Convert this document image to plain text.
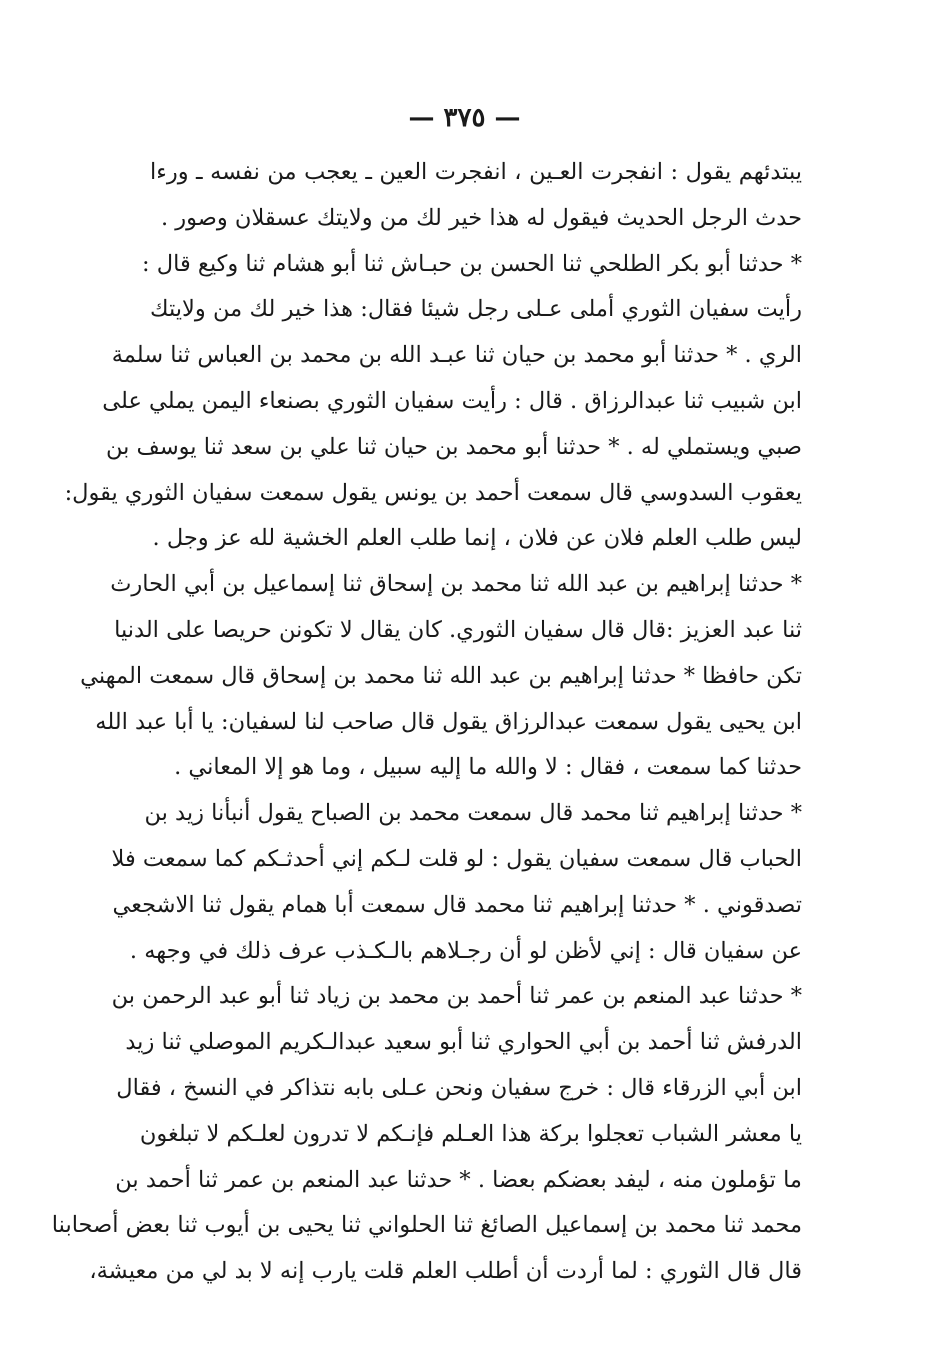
— ٣٧٥ —
يبتدئهم يقول : انفجرت العـين ، انفجرت العين ـ يعجب من نفسه ـ ورءا
حدث الرجل الحديث فيقول له هذا خير لك من ولايتك عسقلان وصور .
* حدثنا أبو بكر الطلحي ثنا الحسن بن حبـاش ثنا أبو هشام ثنا وكيع قال :
رأيت سفيان الثوري أملى عـلى رجل شيئا فقال: هذا خير لك من ولايتك
الري . * حدثنا أبو محمد بن حيان ثنا عبـد الله بن محمد بن العباس ثنا سلمة
ابن شبيب ثنا عبدالرزاق . قال : رأيت سفيان الثوري بصنعاء اليمن يملي على
صبي ويستملي له . * حدثنا أبو محمد بن حيان ثنا علي بن سعد ثنا يوسف بن
يعقوب السدوسي قال سمعت أحمد بن يونس يقول سمعت سفيان الثوري يقول:
ليس طلب العلم فلان عن فلان ، إنما طلب العلم الخشية لله عز وجل .
* حدثنا إبراهيم بن عبد الله ثنا محمد بن إسحاق ثنا إسماعيل بن أبي الحارث
ثنا عبد العزيز :قال قال سفيان الثوري. كان يقال لا تكونن حريصا على الدنيا
تكن حافظا * حدثنا إبراهيم بن عبد الله ثنا محمد بن إسحاق قال سمعت المهني
ابن يحيى يقول سمعت عبدالرزاق يقول قال صاحب لنا لسفيان: يا أبا عبد الله
حدثنا كما سمعت ، فقال : لا والله ما إليه سبيل ، وما هو إلا المعاني .
* حدثنا إبراهيم ثنا محمد قال سمعت محمد بن الصباح يقول أنبأنا زيد بن
الحباب قال سمعت سفيان يقول : لو قلت لـكم إني أحدثـكم كما سمعت فلا
تصدقوني . * حدثنا إبراهيم ثنا محمد قال سمعت أبا همام يقول ثنا الاشجعي
عن سفيان قال : إني لأظن لو أن رجـلاهم بالـكـذب عرف ذلك في وجهه .
* حدثنا عبد المنعم بن عمر ثنا أحمد بن محمد بن زياد ثنا أبو عبد الرحمن بن
الدرفش ثنا أحمد بن أبي الحواري ثنا أبو سعيد عبدالـكريم الموصلي ثنا زيد
ابن أبي الزرقاء قال : خرج سفيان ونحن عـلى بابه نتذاكر في النسخ ، فقال
يا معشر الشباب تعجلوا بركة هذا العـلم فإنـكم لا تدرون لعلـكم لا تبلغون
ما تؤملون منه ، ليفد بعضكم بعضا . * حدثنا عبد المنعم بن عمر ثنا أحمد بن
محمد ثنا محمد بن إسماعيل الصائغ ثنا الحلواني ثنا يحيى بن أيوب ثنا بعض أصحابنا
قال قال الثوري : لما أردت أن أطلب العلم قلت يارب إنه لا بد لي من معيشة،
